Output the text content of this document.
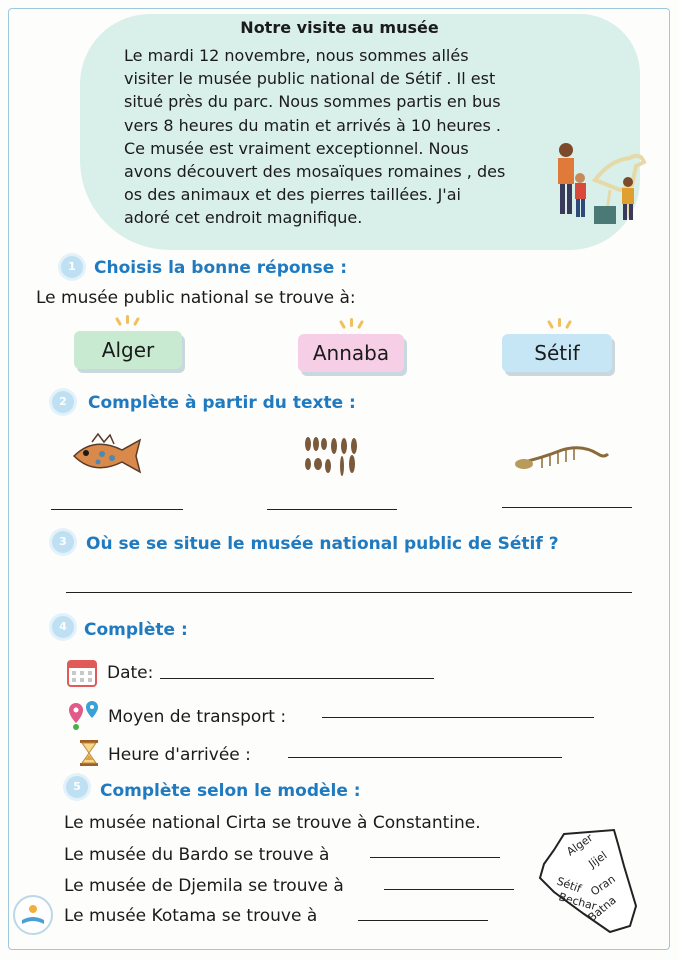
Notre visite au musée
Le mardi 12 novembre, nous sommes allés
visiter le musée public national de Sétif . Il est
situé près du parc. Nous sommes partis en bus
vers 8 heures du matin et arrivés à 10 heures .
Ce musée est vraiment exceptionnel. Nous
avons découvert des mosaïques romaines , des
os des animaux et des pierres taillées. J'ai
adoré cet endroit magnifique.
1	Choisis la bonne réponse :
Le musée public national se trouve à:
Alger	Annaba	Sétif
2	Complète à partir du texte :
3	Où se se situe le musée national public de Sétif ?
4	Complète :
Date:
Moyen de transport :
Heure d'arrivée :
5	Complète selon le modèle :
Le musée national Cirta se trouve à Constantine.
Le musée du Bardo se trouve à
Le musée de Djemila se trouve à
Le musée Kotama se trouve à
Alger
Jijel
Sétif Oran
Bechar
Batna
